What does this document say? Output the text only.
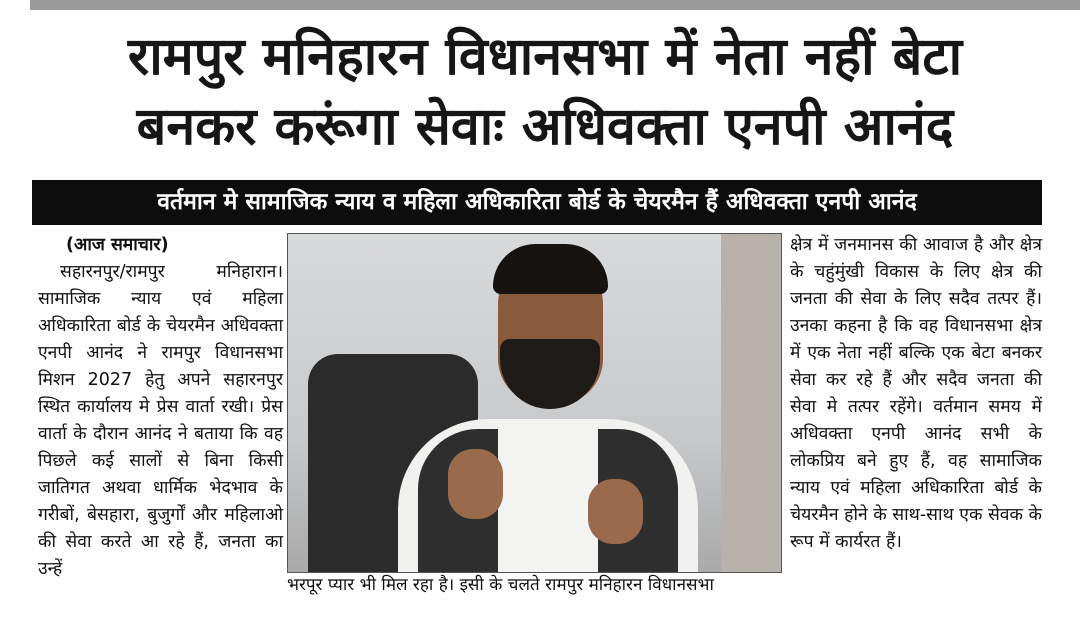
रामपुर मनिहारन विधानसभा में नेता नहीं बेटा
बनकर करूंगा सेवाः अधिवक्ता एनपी आनंद
वर्तमान मे सामाजिक न्याय व महिला अधिकारिता बोर्ड के चेयरमैन हैं अधिवक्ता एनपी आनंद

(आज समाचार)

सहारनपुर/रामपुर मनिहारान। सामाजिक न्याय एवं महिला अधिकारिता बोर्ड के चेयरमैन अधिवक्ता एनपी आनंद ने रामपुर विधानसभा मिशन 2027 हेतु अपने सहारनपुर स्थित कार्यालय मे प्रेस वार्ता रखी। प्रेस वार्ता के दौरान आनंद ने बताया कि वह पिछले कई सालों से बिना किसी जातिगत अथवा धार्मिक भेदभाव के गरीबों, बेसहारा, बुजुर्गों और महिलाओ की सेवा करते आ रहे हैं, जनता का उन्हें

भरपूर प्यार भी मिल रहा है। इसी के चलते रामपुर मनिहारन विधानसभा

क्षेत्र में जनमानस की आवाज है और क्षेत्र के चहुंमुंखी विकास के लिए क्षेत्र की जनता की सेवा के लिए सदैव तत्पर हैं। उनका कहना है कि वह विधानसभा क्षेत्र में एक नेता नहीं बल्कि एक बेटा बनकर सेवा कर रहे हैं और सदैव जनता की सेवा मे तत्पर रहेंगे। वर्तमान समय में अधिवक्ता एनपी आनंद सभी के लोकप्रिय बने हुए हैं, वह सामाजिक न्याय एवं महिला अधिकारिता बोर्ड के चेयरमैन होने के साथ-साथ एक सेवक के रूप में कार्यरत हैं।
